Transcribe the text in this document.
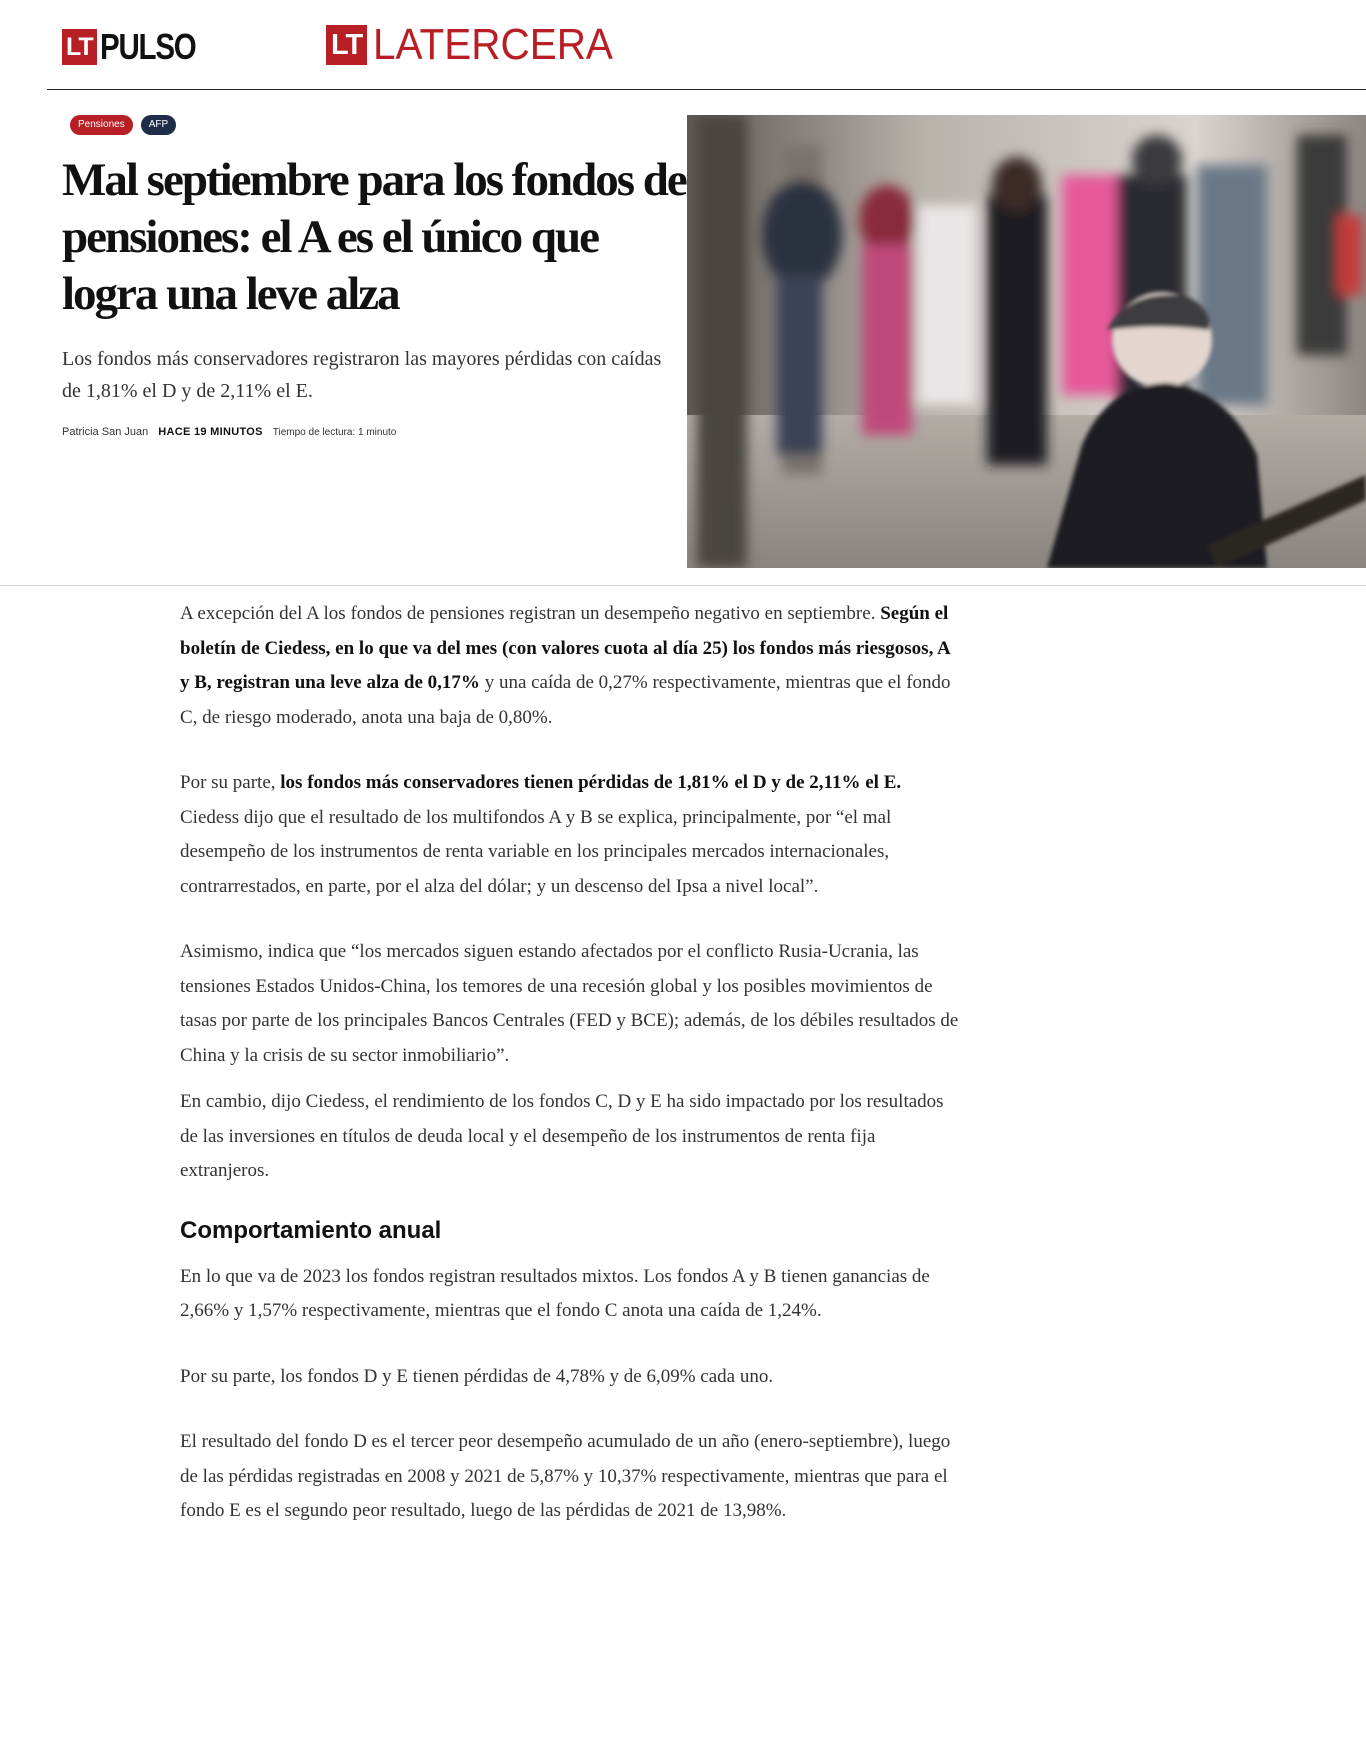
LT PULSO	LT LATERCERA
Pensiones	AFP
Mal septiembre para los fondos de pensiones: el A es el único que logra una leve alza

Los fondos más conservadores registraron las mayores pérdidas con caídas de 1,81% el D y de 2,11% el E.

Patricia San Juan HACE 19 MINUTOS Tiempo de lectura: 1 minuto

A excepción del A los fondos de pensiones registran un desempeño negativo en septiembre. Según el boletín de Ciedess, en lo que va del mes (con valores cuota al día 25) los fondos más riesgosos, A y B, registran una leve alza de 0,17% y una caída de 0,27% respectivamente, mientras que el fondo C, de riesgo moderado, anota una baja de 0,80%.

Por su parte, los fondos más conservadores tienen pérdidas de 1,81% el D y de 2,11% el E.

Ciedess dijo que el resultado de los multifondos A y B se explica, principalmente, por “el mal desempeño de los instrumentos de renta variable en los principales mercados internacionales, contrarrestados, en parte, por el alza del dólar; y un descenso del Ipsa a nivel local”.

Asimismo, indica que “los mercados siguen estando afectados por el conflicto Rusia-Ucrania, las tensiones Estados Unidos-China, los temores de una recesión global y los posibles movimientos de tasas por parte de los principales Bancos Centrales (FED y BCE); además, de los débiles resultados de China y la crisis de su sector inmobiliario”.

En cambio, dijo Ciedess, el rendimiento de los fondos C, D y E ha sido impactado por los resultados de las inversiones en títulos de deuda local y el desempeño de los instrumentos de renta fija extranjeros.

Comportamiento anual

En lo que va de 2023 los fondos registran resultados mixtos. Los fondos A y B tienen ganancias de 2,66% y 1,57% respectivamente, mientras que el fondo C anota una caída de 1,24%.

Por su parte, los fondos D y E tienen pérdidas de 4,78% y de 6,09% cada uno.

El resultado del fondo D es el tercer peor desempeño acumulado de un año (enero-septiembre), luego de las pérdidas registradas en 2008 y 2021 de 5,87% y 10,37% respectivamente, mientras que para el fondo E es el segundo peor resultado, luego de las pérdidas de 2021 de 13,98%.
